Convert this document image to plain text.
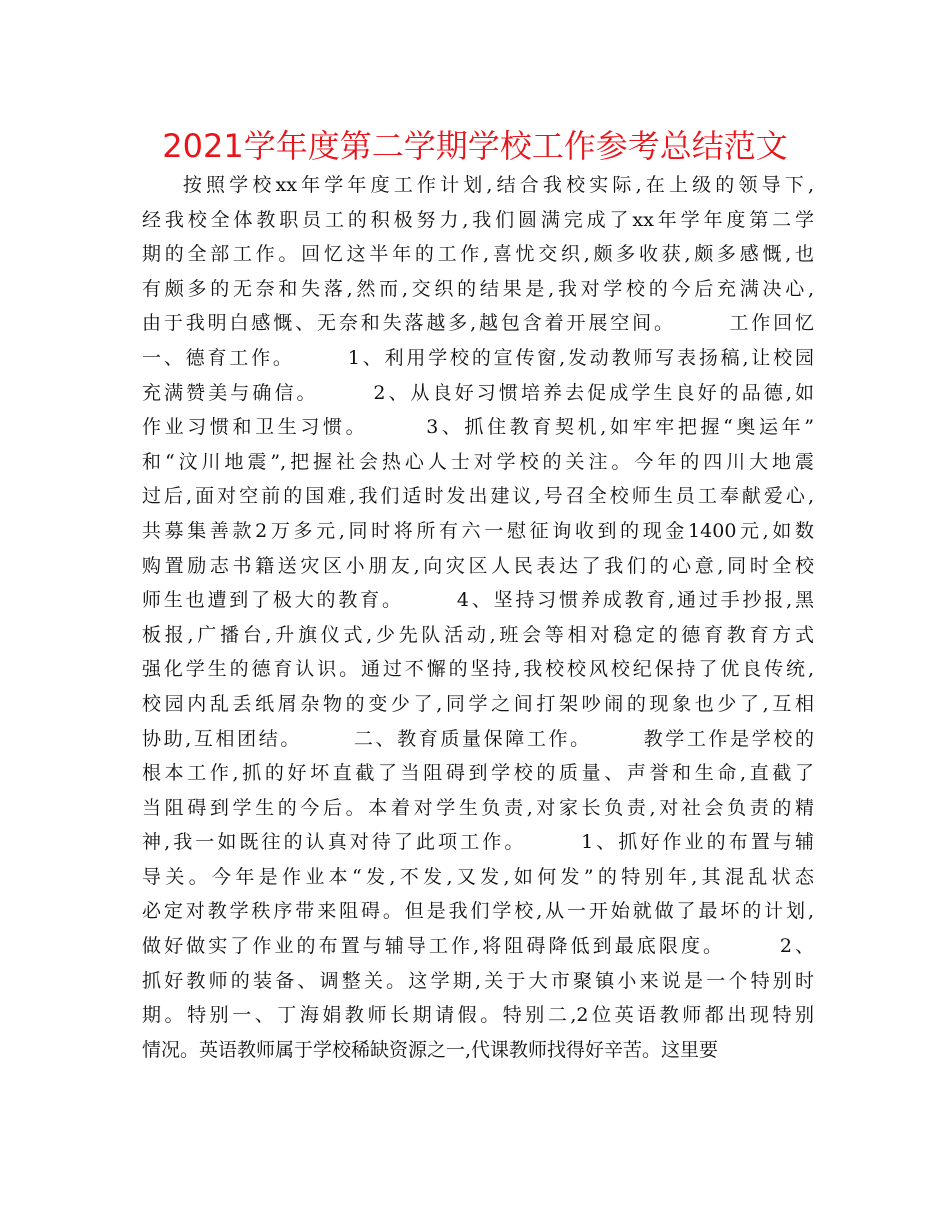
2021学年度第二学期学校工作参考总结范文
按照学校xx年学年度工作计划,结合我校实际,在上级的领导下,
经我校全体教职员工的积极努力,我们圆满完成了xx年学年度第二学
期的全部工作。回忆这半年的工作,喜忧交织,颇多收获,颇多感慨,也
有颇多的无奈和失落,然而,交织的结果是,我对学校的今后充满决心,
由于我明白感慨、无奈和失落越多,越包含着开展空间。      工作回忆
一、德育工作。      1、利用学校的宣传窗,发动教师写表扬稿,让校园
充满赞美与确信。      2、从良好习惯培养去促成学生良好的品德,如
作业习惯和卫生习惯。      3、抓住教育契机,如牢牢把握“奥运年”
和“汶川地震”,把握社会热心人士对学校的关注。今年的四川大地震
过后,面对空前的国难,我们适时发出建议,号召全校师生员工奉献爱心,
共募集善款2万多元,同时将所有六一慰征询收到的现金1400元,如数
购置励志书籍送灾区小朋友,向灾区人民表达了我们的心意,同时全校
师生也遭到了极大的教育。      4、坚持习惯养成教育,通过手抄报,黑
板报,广播台,升旗仪式,少先队活动,班会等相对稳定的德育教育方式
强化学生的德育认识。通过不懈的坚持,我校校风校纪保持了优良传统,
校园内乱丢纸屑杂物的变少了,同学之间打架吵闹的现象也少了,互相
协助,互相团结。      二、教育质量保障工作。      教学工作是学校的
根本工作,抓的好坏直截了当阻碍到学校的质量、声誉和生命,直截了
当阻碍到学生的今后。本着对学生负责,对家长负责,对社会负责的精
神,我一如既往的认真对待了此项工作。      1、抓好作业的布置与辅
导关。今年是作业本“发,不发,又发,如何发”的特别年,其混乱状态
必定对教学秩序带来阻碍。但是我们学校,从一开始就做了最坏的计划,
做好做实了作业的布置与辅导工作,将阻碍降低到最底限度。      2、
抓好教师的装备、调整关。这学期,关于大市聚镇小来说是一个特别时
期。特别一、丁海娟教师长期请假。特别二,2位英语教师都出现特别
情况。英语教师属于学校稀缺资源之一,代课教师找得好辛苦。这里要
